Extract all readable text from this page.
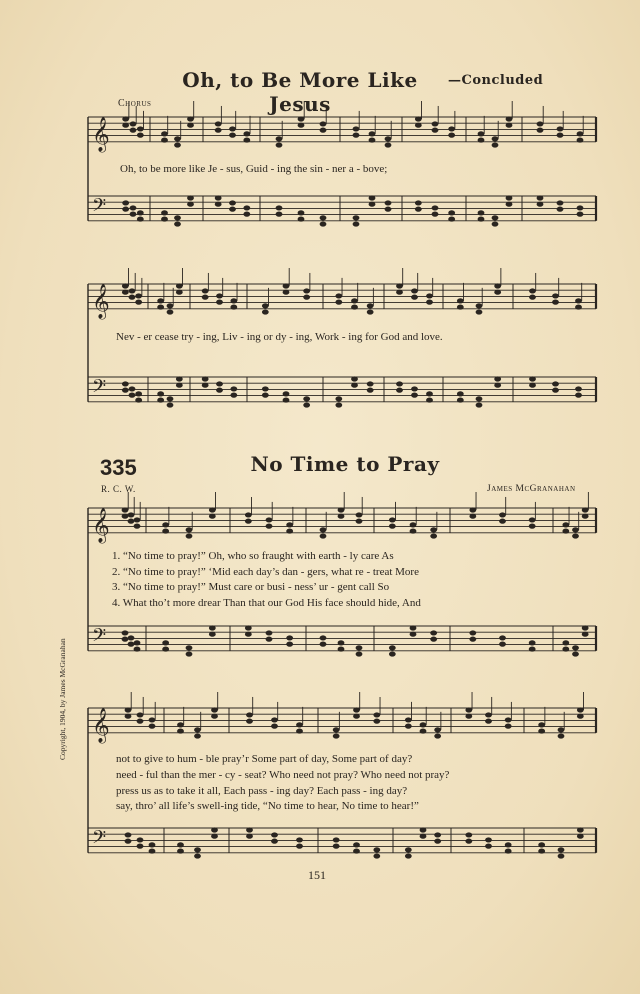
Oh, to Be More Like Jesus
—Concluded
Chorus
Oh, to be more like Je - sus, Guid - ing the sin - ner a - bove;
Nev - er cease try - ing, Liv - ing or dy - ing, Work - ing for God and love.
335	No Time to Pray
R. C. W.	James McGranahan
1. “No time to pray!” Oh, who so fraught with earth - ly care As
2. “No time to pray!” ‘Mid each day’s dan - gers, what re - treat More
3. “No time to pray!” Must care or busi - ness’ ur - gent call So
4. What tho’t more drear Than that our God His face should hide, And
not to give to hum - ble pray’r Some part of day, Some part of day?
need - ful than the mer - cy - seat? Who need not pray? Who need not pray?
press us as to take it all, Each pass - ing day? Each pass - ing day?
say, thro’ all life’s swell-ing tide, “No time to hear, No time to hear!”
Copyright, 1904, by James McGranahan
151
𝄞
𝄢
𝄞
𝄢
𝄞
𝄢
𝄞
𝄢
